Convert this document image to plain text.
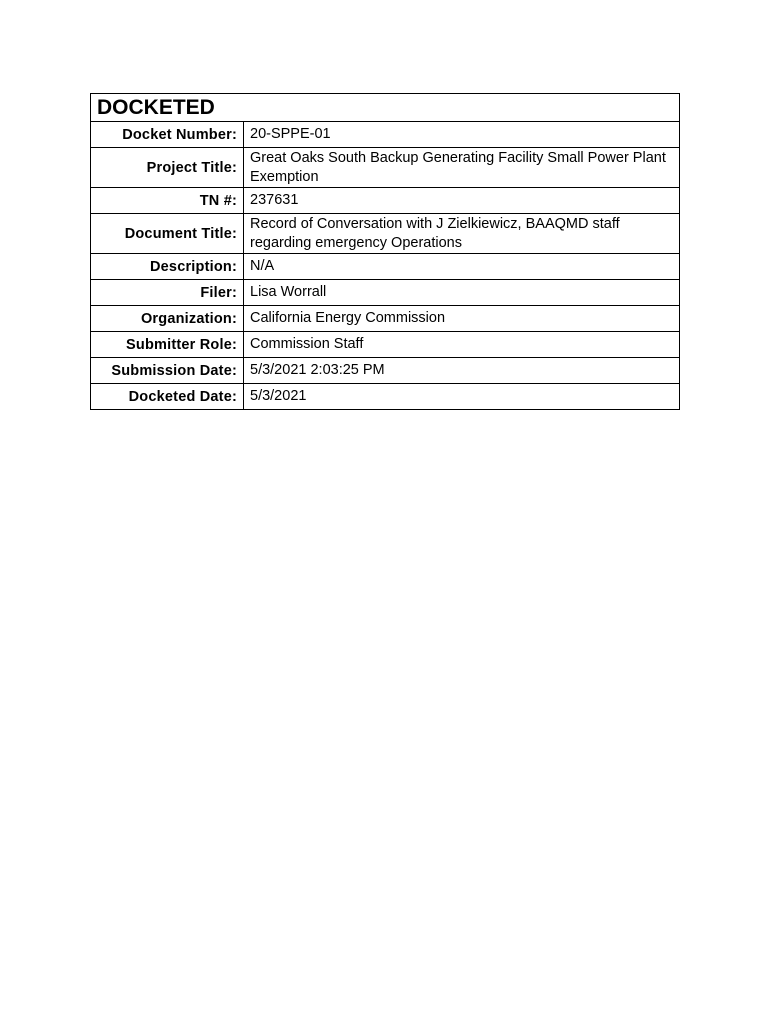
DOCKETED	
Docket Number:	20-SPPE-01
Project Title:	Great Oaks South Backup Generating Facility Small Power Plant Exemption
TN #:	237631
Document Title:	Record of Conversation with J Zielkiewicz, BAAQMD staff regarding emergency Operations
Description:	N/A
Filer:	Lisa Worrall
Organization:	California Energy Commission
Submitter Role:	Commission Staff
Submission Date:	5/3/2021 2:03:25 PM
Docketed Date:	5/3/2021
